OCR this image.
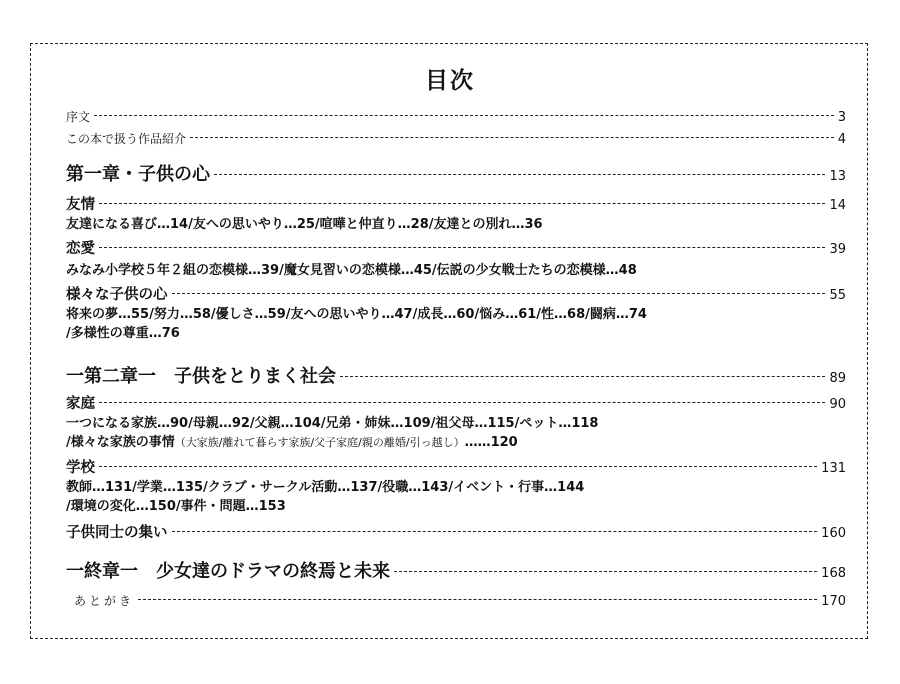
目次
序文	3
この本で扱う作品紹介	4
第一章・子供の心	13
友情	14
友達になる喜び…14/友への思いやり…25/喧嘩と仲直り…28/友達との別れ…36
恋愛	39
みなみ小学校５年２組の恋模様…39/魔女見習いの恋模様…45/伝説の少女戦士たちの恋模様…48
様々な子供の心	55
将来の夢…55/努力…58/優しさ…59/友への思いやり…47/成長…60/悩み…61/性…68/闘病…74
/多様性の尊重…76
一第二章一　子供をとりまく社会	89
家庭	90
一つになる家族…90/母親…92/父親…104/兄弟・姉妹…109/祖父母…115/ペット…118
/様々な家族の事情（大家族/離れて暮らす家族/父子家庭/親の離婚/引っ越し）……120
学校	131
教師…131/学業…135/クラブ・サークル活動…137/役職…143/イベント・行事…144
/環境の変化…150/事件・問題…153
子供同士の集い	160
一終章一　少女達のドラマの終焉と未来	168
あとがき	170
